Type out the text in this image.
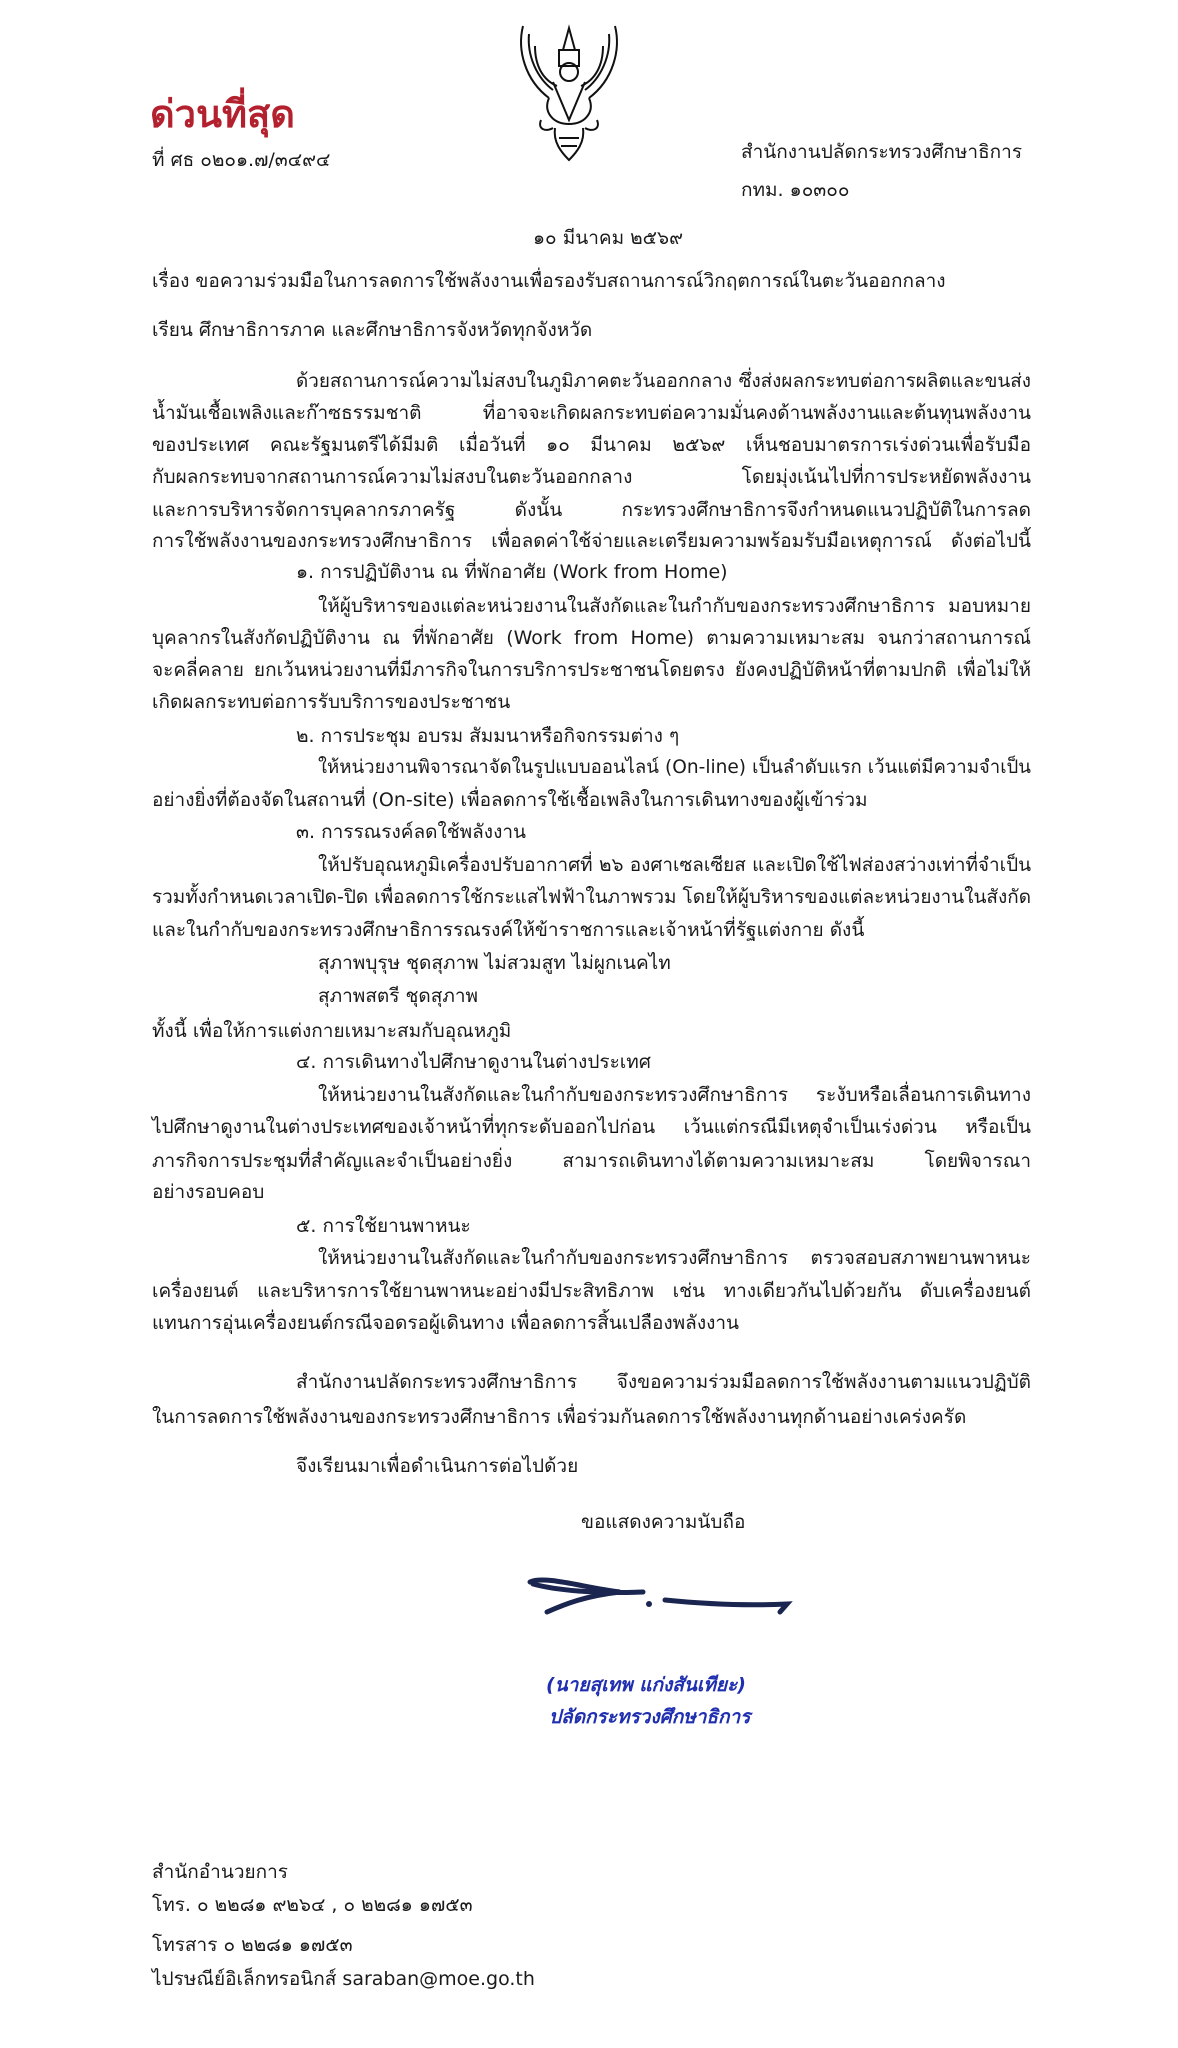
ด่วนที่สุด
ที่ ศธ ๐๒๐๑.๗/๓๔๙๔	สำนักงานปลัดกระทรวงศึกษาธิการ
กทม. ๑๐๓๐๐
๑๐ มีนาคม ๒๕๖๙
เรื่อง ขอความร่วมมือในการลดการใช้พลังงานเพื่อรองรับสถานการณ์วิกฤตการณ์ในตะวันออกกลาง
เรียน ศึกษาธิการภาค และศึกษาธิการจังหวัดทุกจังหวัด
ด้วยสถานการณ์ความไม่สงบในภูมิภาคตะวันออกกลาง ซึ่งส่งผลกระทบต่อการผลิตและขนส่ง
น้ำมันเชื้อเพลิงและก๊าซธรรมชาติ ที่อาจจะเกิดผลกระทบต่อความมั่นคงด้านพลังงานและต้นทุนพลังงาน
ของประเทศ คณะรัฐมนตรีได้มีมติ เมื่อวันที่ ๑๐ มีนาคม ๒๕๖๙ เห็นชอบมาตรการเร่งด่วนเพื่อรับมือ
กับผลกระทบจากสถานการณ์ความไม่สงบในตะวันออกกลาง โดยมุ่งเน้นไปที่การประหยัดพลังงาน
และการบริหารจัดการบุคลากรภาครัฐ ดังนั้น กระทรวงศึกษาธิการจึงกำหนดแนวปฏิบัติในการลด
การใช้พลังงานของกระทรวงศึกษาธิการ เพื่อลดค่าใช้จ่ายและเตรียมความพร้อมรับมือเหตุการณ์ ดังต่อไปนี้
๑. การปฏิบัติงาน ณ ที่พักอาศัย (Work from Home)
ให้ผู้บริหารของแต่ละหน่วยงานในสังกัดและในกำกับของกระทรวงศึกษาธิการ มอบหมาย
บุคลากรในสังกัดปฏิบัติงาน ณ ที่พักอาศัย (Work from Home) ตามความเหมาะสม จนกว่าสถานการณ์
จะคลี่คลาย ยกเว้นหน่วยงานที่มีภารกิจในการบริการประชาชนโดยตรง ยังคงปฏิบัติหน้าที่ตามปกติ เพื่อไม่ให้
เกิดผลกระทบต่อการรับบริการของประชาชน
๒. การประชุม อบรม สัมมนาหรือกิจกรรมต่าง ๆ
ให้หน่วยงานพิจารณาจัดในรูปแบบออนไลน์ (On-line) เป็นลำดับแรก เว้นแต่มีความจำเป็น
อย่างยิ่งที่ต้องจัดในสถานที่ (On-site) เพื่อลดการใช้เชื้อเพลิงในการเดินทางของผู้เข้าร่วม
๓. การรณรงค์ลดใช้พลังงาน
ให้ปรับอุณหภูมิเครื่องปรับอากาศที่ ๒๖ องศาเซลเซียส และเปิดใช้ไฟส่องสว่างเท่าที่จำเป็น
รวมทั้งกำหนดเวลาเปิด-ปิด เพื่อลดการใช้กระแสไฟฟ้าในภาพรวม โดยให้ผู้บริหารของแต่ละหน่วยงานในสังกัด
และในกำกับของกระทรวงศึกษาธิการรณรงค์ให้ข้าราชการและเจ้าหน้าที่รัฐแต่งกาย ดังนี้
สุภาพบุรุษ ชุดสุภาพ ไม่สวมสูท ไม่ผูกเนคไท
สุภาพสตรี ชุดสุภาพ
ทั้งนี้ เพื่อให้การแต่งกายเหมาะสมกับอุณหภูมิ
๔. การเดินทางไปศึกษาดูงานในต่างประเทศ
ให้หน่วยงานในสังกัดและในกำกับของกระทรวงศึกษาธิการ ระงับหรือเลื่อนการเดินทาง
ไปศึกษาดูงานในต่างประเทศของเจ้าหน้าที่ทุกระดับออกไปก่อน เว้นแต่กรณีมีเหตุจำเป็นเร่งด่วน หรือเป็น
ภารกิจการประชุมที่สำคัญและจำเป็นอย่างยิ่ง สามารถเดินทางได้ตามความเหมาะสม โดยพิจารณา
อย่างรอบคอบ
๕. การใช้ยานพาหนะ
ให้หน่วยงานในสังกัดและในกำกับของกระทรวงศึกษาธิการ ตรวจสอบสภาพยานพาหนะ
เครื่องยนต์ และบริหารการใช้ยานพาหนะอย่างมีประสิทธิภาพ เช่น ทางเดียวกันไปด้วยกัน ดับเครื่องยนต์
แทนการอุ่นเครื่องยนต์กรณีจอดรอผู้เดินทาง เพื่อลดการสิ้นเปลืองพลังงาน
สำนักงานปลัดกระทรวงศึกษาธิการ จึงขอความร่วมมือลดการใช้พลังงานตามแนวปฏิบัติ
ในการลดการใช้พลังงานของกระทรวงศึกษาธิการ เพื่อร่วมกันลดการใช้พลังงานทุกด้านอย่างเคร่งครัด
จึงเรียนมาเพื่อดำเนินการต่อไปด้วย
ขอแสดงความนับถือ
(นายสุเทพ แก่งสันเทียะ)
ปลัดกระทรวงศึกษาธิการ
สำนักอำนวยการ
โทร. ๐ ๒๒๘๑ ๙๒๖๔ , ๐ ๒๒๘๑ ๑๗๕๓
โทรสาร ๐ ๒๒๘๑ ๑๗๕๓
ไปรษณีย์อิเล็กทรอนิกส์ saraban@moe.go.th
